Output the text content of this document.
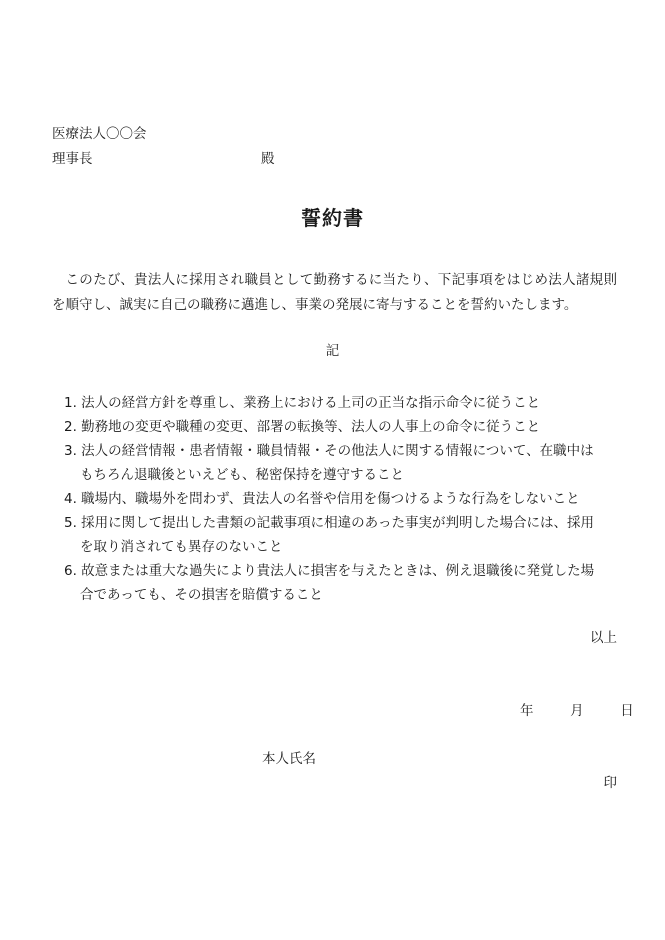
医療法人〇〇会
理事長	殿
誓約書
このたび、貴法人に採用され職員として勤務するに当たり、下記事項をはじめ法人諸規則を順守し、誠実に自己の職務に邁進し、事業の発展に寄与することを誓約いたします。
記
1. 法人の経営方針を尊重し、業務上における上司の正当な指示命令に従うこと
2. 勤務地の変更や職種の変更、部署の転換等、法人の人事上の命令に従うこと
3. 法人の経営情報・患者情報・職員情報・その他法人に関する情報について、在職中は
もちろん退職後といえども、秘密保持を遵守すること
4. 職場内、職場外を問わず、貴法人の名誉や信用を傷つけるような行為をしないこと
5. 採用に関して提出した書類の記載事項に相違のあった事実が判明した場合には、採用
を取り消されても異存のないこと
6. 故意または重大な過失により貴法人に損害を与えたときは、例え退職後に発覚した場
合であっても、その損害を賠償すること
以上
年	月	日
本人氏名
印
